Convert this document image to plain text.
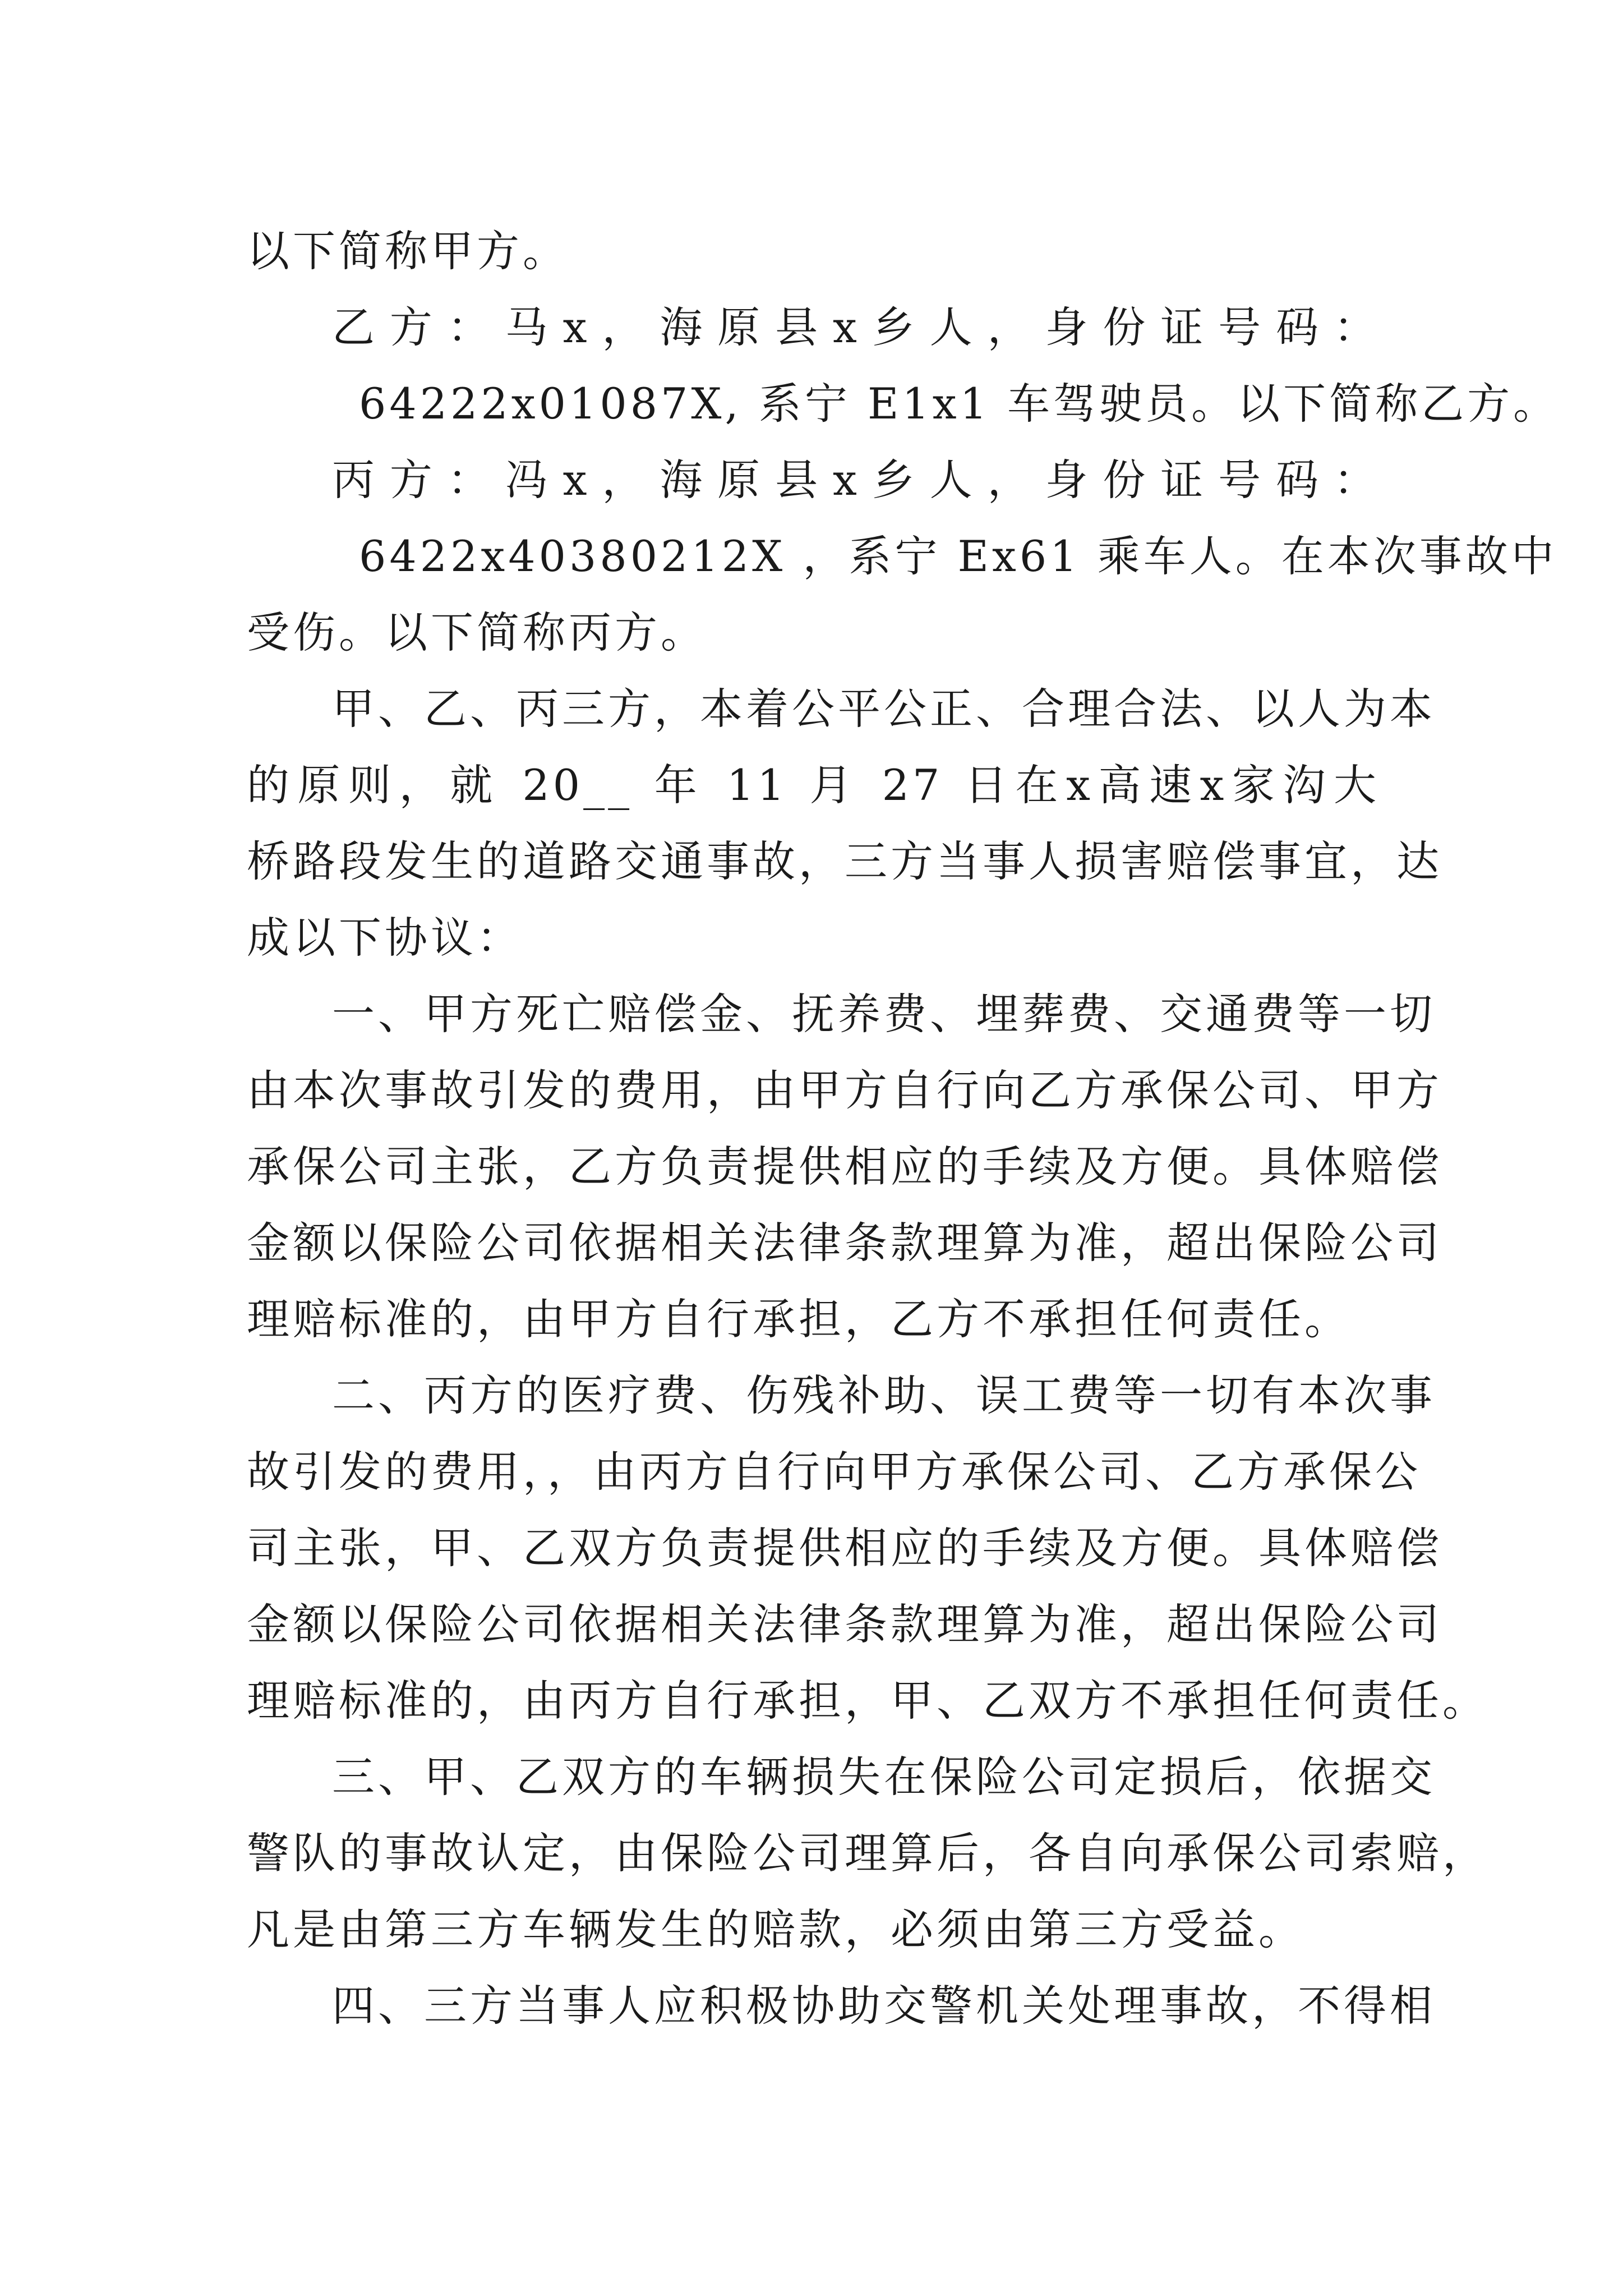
以下简称甲方。
乙方：马x，海原县x乡人，身份证号码：
64222x01087X, 系宁 E1x1 车驾驶员。以下简称乙方。
丙方：冯x，海原县x乡人，身份证号码：
6422x40380212X ，系宁 Ex61 乘车人。在本次事故中
受伤。以下简称丙方。
甲、乙、丙三方，本着公平公正、合理合法、以人为本
的原则，就 20__ 年 11 月 27 日在x高速x家沟大
桥路段发生的道路交通事故，三方当事人损害赔偿事宜，达
成以下协议：
一、甲方死亡赔偿金、抚养费、埋葬费、交通费等一切
由本次事故引发的费用，由甲方自行向乙方承保公司、甲方
承保公司主张，乙方负责提供相应的手续及方便。具体赔偿
金额以保险公司依据相关法律条款理算为准，超出保险公司
理赔标准的，由甲方自行承担，乙方不承担任何责任。
二、丙方的医疗费、伤残补助、误工费等一切有本次事
故引发的费用，，由丙方自行向甲方承保公司、乙方承保公
司主张，甲、乙双方负责提供相应的手续及方便。具体赔偿
金额以保险公司依据相关法律条款理算为准，超出保险公司
理赔标准的，由丙方自行承担，甲、乙双方不承担任何责任。
三、甲、乙双方的车辆损失在保险公司定损后，依据交
警队的事故认定，由保险公司理算后，各自向承保公司索赔，
凡是由第三方车辆发生的赔款，必须由第三方受益。
四、三方当事人应积极协助交警机关处理事故，不得相
